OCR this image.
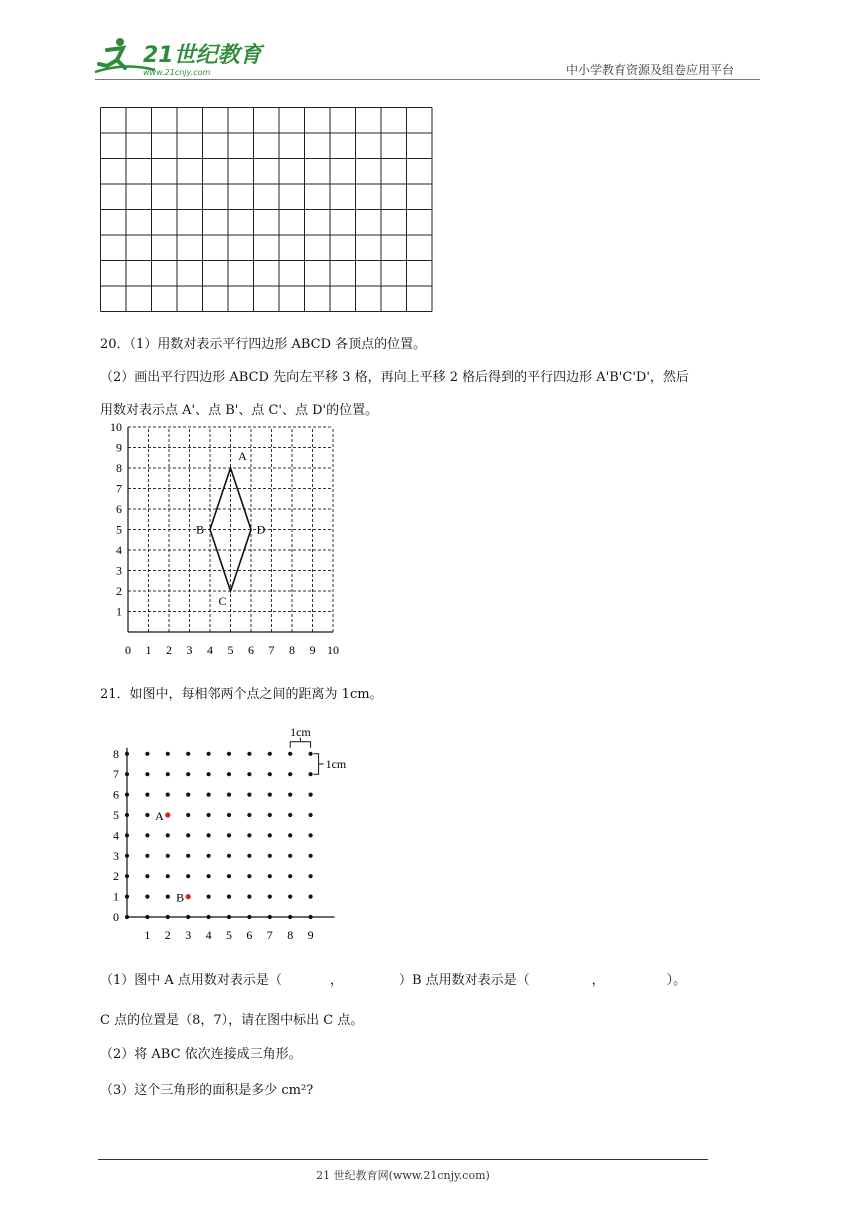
21世纪教育
www.21cnjy.com	中小学教育资源及组卷应用平台
20．（1）用数对表示平行四边形 ABCD 各顶点的位置。
（2）画出平行四边形 ABCD 先向左平移 3 格，再向上平移 2 格后得到的平行四边形 A'B'C'D'，然后
用数对表示点 A'、点 B'、点 C'、点 D'的位置。
0 1 2 3 4 5 6 7 8 9 10
1
2
3
4
5
6
7
8
9
10
A
B
C
D
21．如图中，每相邻两个点之间的距离为 1cm。
1 2 3 4 5 6 7 8 9
0
1
2
3
4
5
6
7
8
A
B
1cm
1cm
（1）图中 A 点用数对表示是（	，	）B 点用数对表示是（	，	）。
C 点的位置是（8，7），请在图中标出 C 点。
（2）将 ABC 依次连接成三角形。
（3）这个三角形的面积是多少 cm²?
21 世纪教育网(www.21cnjy.com)
